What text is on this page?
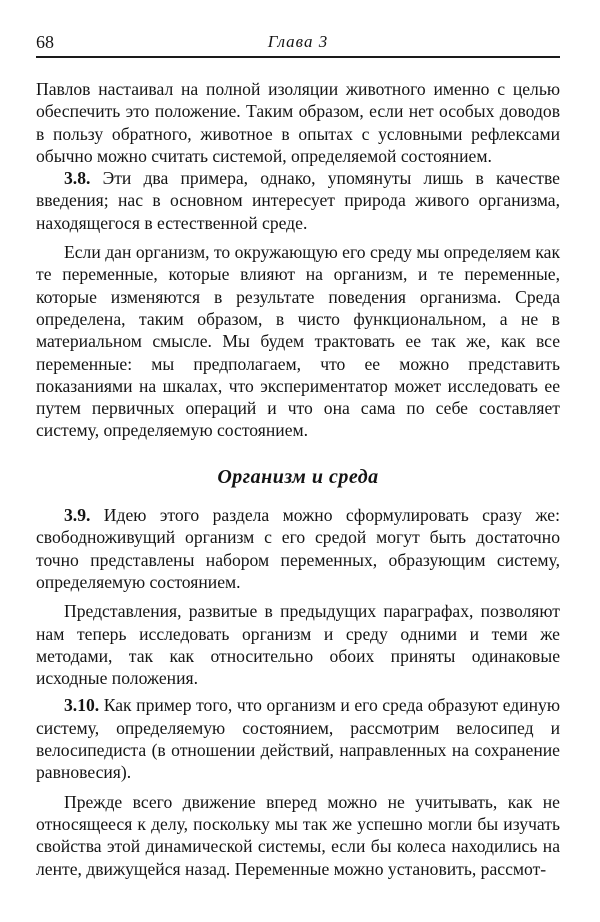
68	Глава 3

Павлов настаивал на полной изоляции животного именно с целью обеспечить это положение. Таким образом, если нет особых доводов в пользу обратного, животное в опытах с условными рефлексами обычно можно считать системой, определяемой состоянием.

3.8. Эти два примера, однако, упомянуты лишь в качестве введения; нас в основном интересует природа живого организма, находящегося в естественной среде.

Если дан организм, то окружающую его среду мы определяем как те переменные, которые влияют на организм, и те переменные, которые изменяются в результате поведения организма. Среда определена, таким образом, в чисто функциональном, а не в материальном смысле. Мы будем трактовать ее так же, как все переменные: мы предполагаем, что ее можно представить показаниями на шкалах, что экспериментатор может исследовать ее путем первичных операций и что она сама по себе составляет систему, определяемую состоянием.

Организм и среда

3.9. Идею этого раздела можно сформулировать сразу же: свободноживущий организм с его средой могут быть достаточно точно представлены набором переменных, образующим систему, определяемую состоянием.

Представления, развитые в предыдущих параграфах, позволяют нам теперь исследовать организм и среду одними и теми же методами, так как относительно обоих приняты одинаковые исходные положения.

3.10. Как пример того, что организм и его среда образуют единую систему, определяемую состоянием, рассмотрим велосипед и велосипедиста (в отношении действий, направленных на сохранение равновесия).

Прежде всего движение вперед можно не учитывать, как не относящееся к делу, поскольку мы так же успешно могли бы изучать свойства этой динамической системы, если бы колеса находились на ленте, движущейся назад. Переменные можно установить, рассмот-
